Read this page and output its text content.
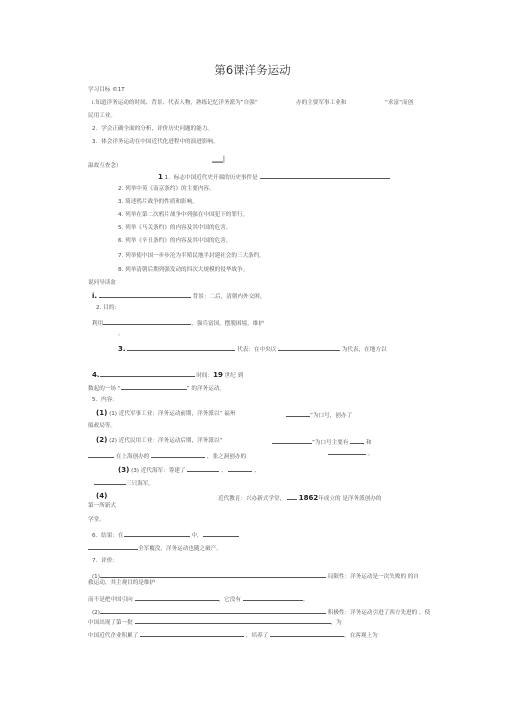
第6课洋务运动
学习目标 ©1T
i.知道洋务运动的时间、背景、代表人物，熟练记忆洋务派为“自强”	办的主要军事工业和	“求富”而创
民用工业。
2．学会正确全面的分析，评价历史问题的能力。
3．体会洋务运动在中国近代化进程中的演进影响。
温故互查念）
▁▁|
1 1．标志中国近代史开端的历史事件是
2. 列举中英《南京条约》的主要内容。
3. 简述鸦片战争的性质和影响。
4. 列举在第二次鸦片战争中列强在中国犯下的罪行。
5. 列举《马关条约》的内容及其中国的危害。
6. 列举《辛丑条约》的内容及其中国的危害。
7. 列举使中国一步步沦为半殖民地半封建社会的三大条约。
8. 列举清朝后期列强发动的四次大规模的侵华战争。
说问导读盆
i.	背景：二后，清朝内外交困。
2. 目的：
利用	，强兵富国，摆脱困境，维护
。
3.	代表：在中央以	为代表，在地方以
4.	时间：19 世纪 到
数起的一场 “	” 的洋务运动。
5．内容：
(1) (1) 近代军事工业：洋务运动前期，洋务派以“ 福州	”为口号，创办了
船政局等。
(2) (2) 近代民用工业：洋务运动后期，洋务派以“	”为口号主要有	和
在上海创办的	，张之洞创办的	。
(3) (3) 近代海军：筹建了	、	、
三只海军。
(4)	近代教育：兴办新式学堂， 1862年成立的 是洋务派创办的
第一所新式
学堂。
6．结果：在	中，
全军覆没，洋务运动也随之破产。
7．评价：
(1)	局限性：洋务运动是一次失败的 的自
救运动，其主观目的是维护
而不是把中国引向	，它没有	。
(2)	积极性：洋务运动引进了西方先进的 ，使
中国出现了第一批	，为
中国近代企业积累了	，培养了	，在客观上为
